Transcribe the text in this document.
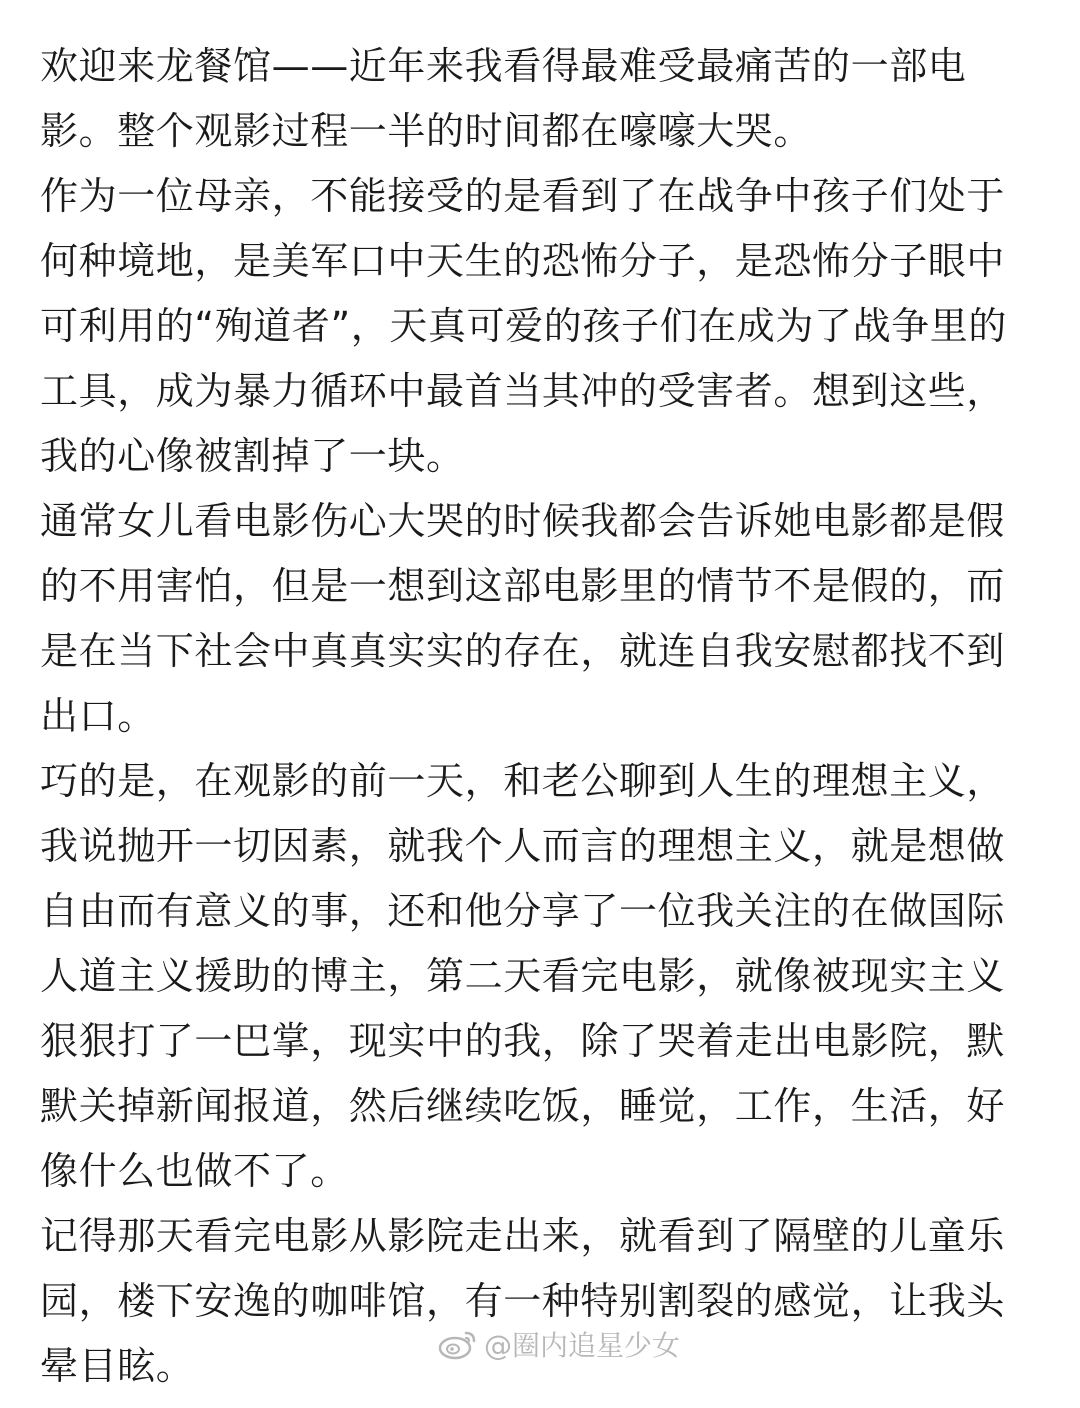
欢迎来龙餐馆——近年来我看得最难受最痛苦的一部电影。整个观影过程一半的时间都在嚎嚎大哭。

作为一位母亲，不能接受的是看到了在战争中孩子们处于何种境地，是美军口中天生的恐怖分子，是恐怖分子眼中可利用的“殉道者”，天真可爱的孩子们在成为了战争里的工具，成为暴力循环中最首当其冲的受害者。想到这些，我的心像被割掉了一块。

通常女儿看电影伤心大哭的时候我都会告诉她电影都是假的不用害怕，但是一想到这部电影里的情节不是假的，而是在当下社会中真真实实的存在，就连自我安慰都找不到出口。

巧的是，在观影的前一天，和老公聊到人生的理想主义，我说抛开一切因素，就我个人而言的理想主义，就是想做自由而有意义的事，还和他分享了一位我关注的在做国际人道主义援助的博主，第二天看完电影，就像被现实主义狠狠打了一巴掌，现实中的我，除了哭着走出电影院，默默关掉新闻报道，然后继续吃饭，睡觉，工作，生活，好像什么也做不了。

记得那天看完电影从影院走出来，就看到了隔壁的儿童乐园，楼下安逸的咖啡馆，有一种特别割裂的感觉，让我头晕目眩。	@圈内追星少女
